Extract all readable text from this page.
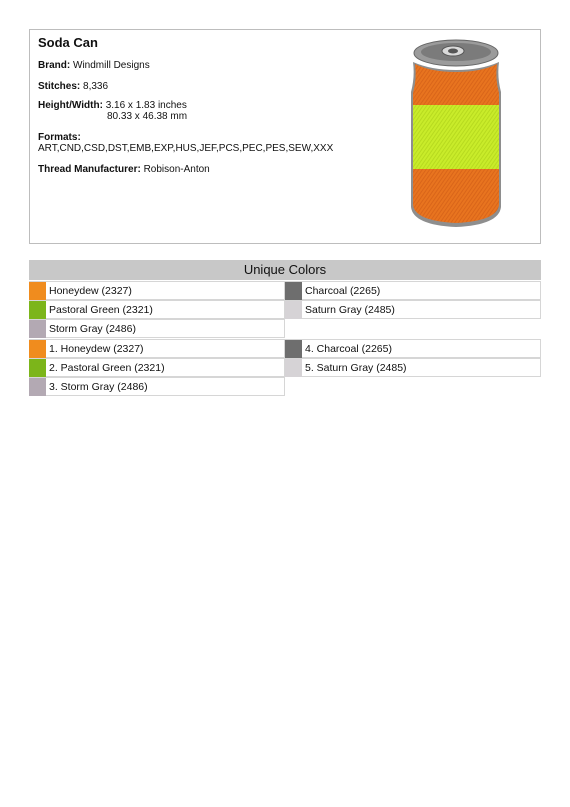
Soda Can
Brand: Windmill Designs
Stitches: 8,336
Height/Width: 3.16 x 1.83 inches
80.33 x 46.38 mm
Formats:
ART,CND,CSD,DST,EMB,EXP,HUS,JEF,PCS,PEC,PES,SEW,XXX
Thread Manufacturer: Robison-Anton
Unique Colors
Honeydew (2327)	Charcoal (2265)
Pastoral Green (2321)	Saturn Gray (2485)
Storm Gray (2486)
1. Honeydew (2327)	4. Charcoal (2265)
2. Pastoral Green (2321)	5. Saturn Gray (2485)
3. Storm Gray (2486)
